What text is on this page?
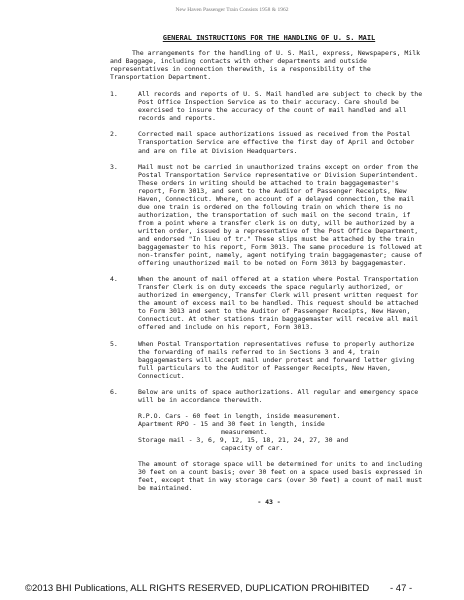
New Haven Passenger Train Consists 1958 & 1962
GENERAL INSTRUCTIONS FOR THE HANDLING OF U. S. MAIL
The arrangements for the handling of U. S. Mail, express, Newspapers, Milk and Baggage, including contacts with other departments and outside representatives in connection therewith, is a responsibility of the Transportation Department.
1.	All records and reports of U. S. Mail handled are subject to check by the Post Office Inspection Service as to their accuracy. Care should be exercised to insure the accuracy of the count of mail handled and all records and reports.
2.	Corrected mail space authorizations issued as received from the Postal Transportation Service are effective the first day of April and October and are on file at Division Headquarters.
3.	Mail must not be carried in unauthorized trains except on order from the Postal Transportation Service representative or Division Superintendent. These orders in writing should be attached to train baggagemaster's report, Form 3013, and sent to the Auditor of Passenger Receipts, New Haven, Connecticut. Where, on account of a delayed connection, the mail due one train is ordered on the following train on which there is no authorization, the transportation of such mail on the second train, if from a point where a transfer clerk is on duty, will be authorized by a written order, issued by a representative of the Post Office Department, and endorsed "In lieu of tr." These slips must be attached by the train baggagemaster to his report, Form 3013. The same procedure is followed at non-transfer point, namely, agent notifying train baggagemaster; cause of offering unauthorized mail to be noted on Form 3013 by baggagemaster.
4.	When the amount of mail offered at a station where Postal Transportation Transfer Clerk is on duty exceeds the space regularly authorized, or authorized in emergency, Transfer Clerk will present written request for the amount of excess mail to be handled. This request should be attached to Form 3013 and sent to the Auditor of Passenger Receipts, New Haven, Connecticut. At other stations train baggagemaster will receive all mail offered and include on his report, Form 3013.
5.	When Postal Transportation representatives refuse to properly authorize the forwarding of mails referred to in Sections 3 and 4, train baggagemasters will accept mail under protest and forward letter giving full particulars to the Auditor of Passenger Receipts, New Haven, Connecticut.
6.	Below are units of space authorizations. All regular and emergency space will be in accordance therewith.
R.P.O. Cars - 60 feet in length, inside measurement.
Apartment RPO - 15 and 30 feet in length, inside
measurement.
Storage mail - 3, 6, 9, 12, 15, 18, 21, 24, 27, 30 and
capacity of car.
The amount of storage space will be determined for units to and including 30 feet on a count basis; over 30 feet on a space used basis expressed in feet, except that in way storage cars (over 30 feet) a count of mail must be maintained.
- 43 -
©2013 BHI Publications, ALL RIGHTS RESERVED, DUPLICATION PROHIBITED - 47 -
